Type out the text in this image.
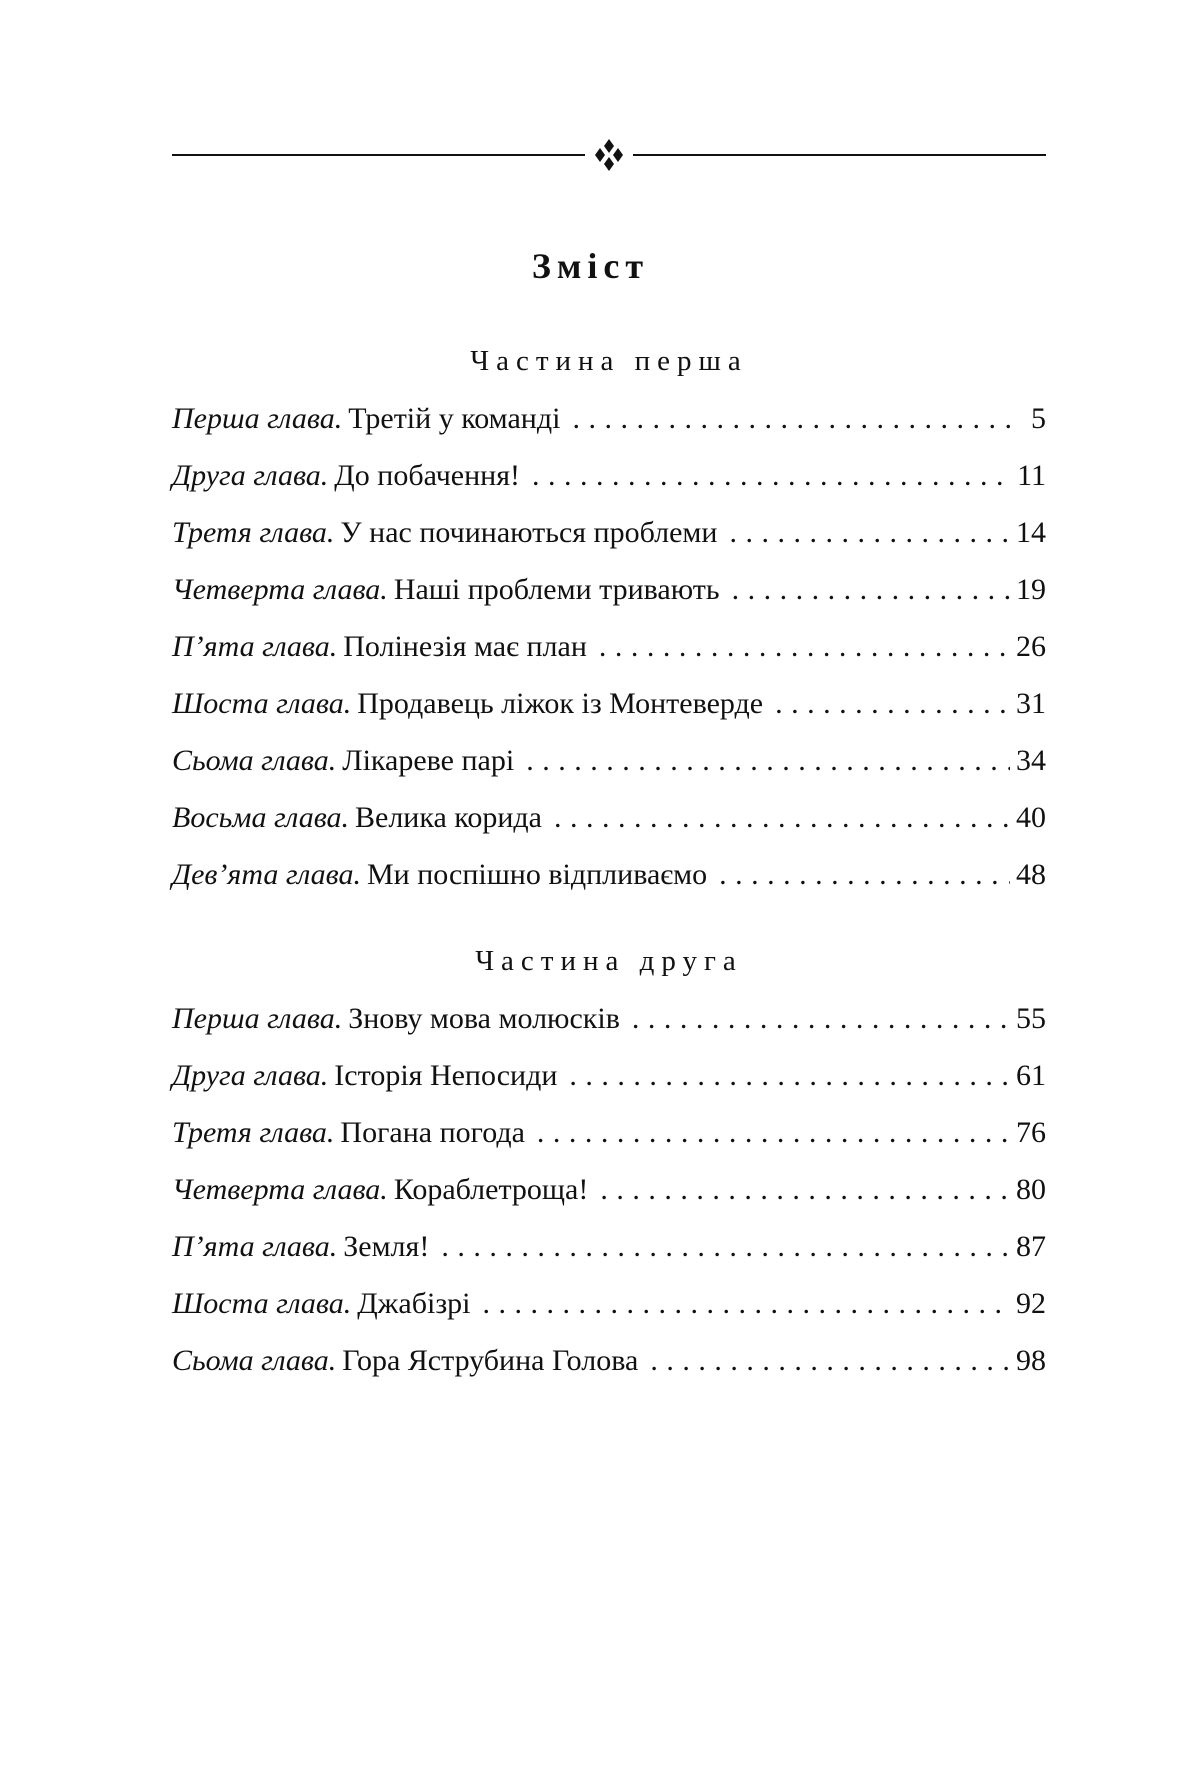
Зміст
Частина перша
Перша глава. Третій у команді . . .	5
Друга глава. До побачення! . . .	11
Третя глава. У нас починаються проблеми . . .	14
Четверта глава. Наші проблеми тривають . . .	19
П’ята глава. Полінезія має план . . .	26
Шоста глава. Продавець ліжок із Монтеверде . . .	31
Сьома глава. Лікареве парі . . .	34
Восьма глава. Велика корида . . .	40
Дев’ята глава. Ми поспішно відпливаємо . . .	48
Частина друга
Перша глава. Знову мова молюсків . . .	55
Друга глава. Історія Непосиди . . .	61
Третя глава. Погана погода . . .	76
Четверта глава. Кораблетроща! . . .	80
П’ята глава. Земля! . . .	87
Шоста глава. Джабізрі . . .	92
Сьома глава. Гора Яструбина Голова . . .	98
